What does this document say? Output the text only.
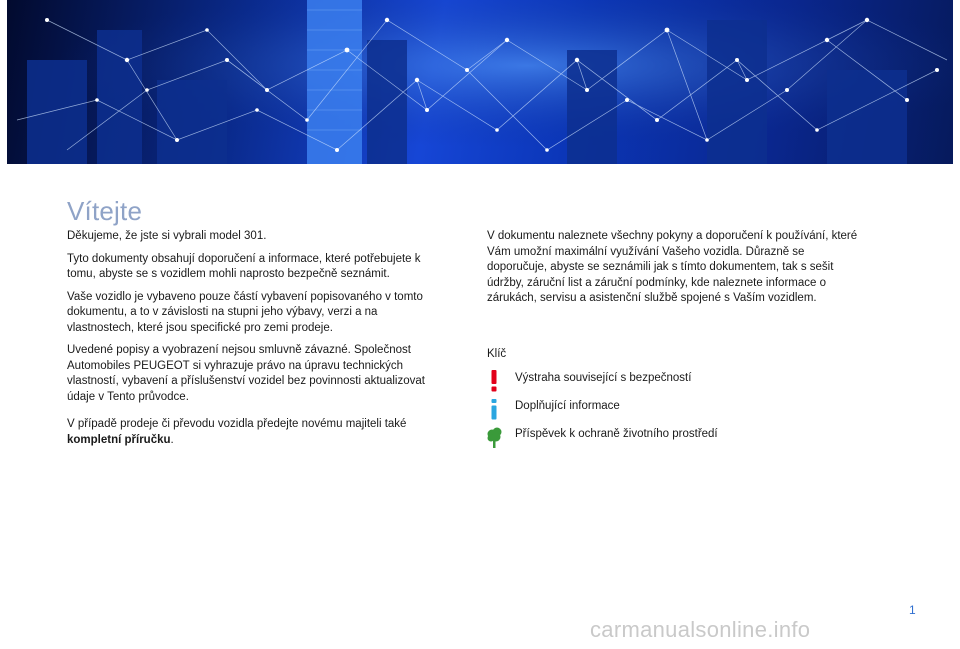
Vítejte

Děkujeme, že jste si vybrali model 301.

Tyto dokumenty obsahují doporučení a informace, které potřebujete k tomu, abyste se s vozidlem mohli naprosto bezpečně seznámit.

Vaše vozidlo je vybaveno pouze částí vybavení popisovaného v tomto dokumentu, a to v závislosti na stupni jeho výbavy, verzi a na vlastnostech, které jsou specifické pro zemi prodeje.

Uvedené popisy a vyobrazení nejsou smluvně závazné. Společnost Automobiles PEUGEOT si vyhrazuje právo na úpravu technických vlastností, vybavení a příslušenství vozidel bez povinnosti aktualizovat údaje v Tento průvodce.

V případě prodeje či převodu vozidla předejte novému majiteli také kompletní příručku.

V dokumentu naleznete všechny pokyny a doporučení k používání, které Vám umožní maximální využívání Vašeho vozidla. Důrazně se doporučuje, abyste se seznámili jak s tímto dokumentem, tak s sešit údržby, záruční list a záruční podmínky, kde naleznete informace o zárukách, servisu a asistenční službě spojené s Vaším vozidlem.

Klíč

Výstraha související s bezpečností
Doplňující informace
Příspěvek k ochraně životního prostředí
1
carmanualsonline.info
